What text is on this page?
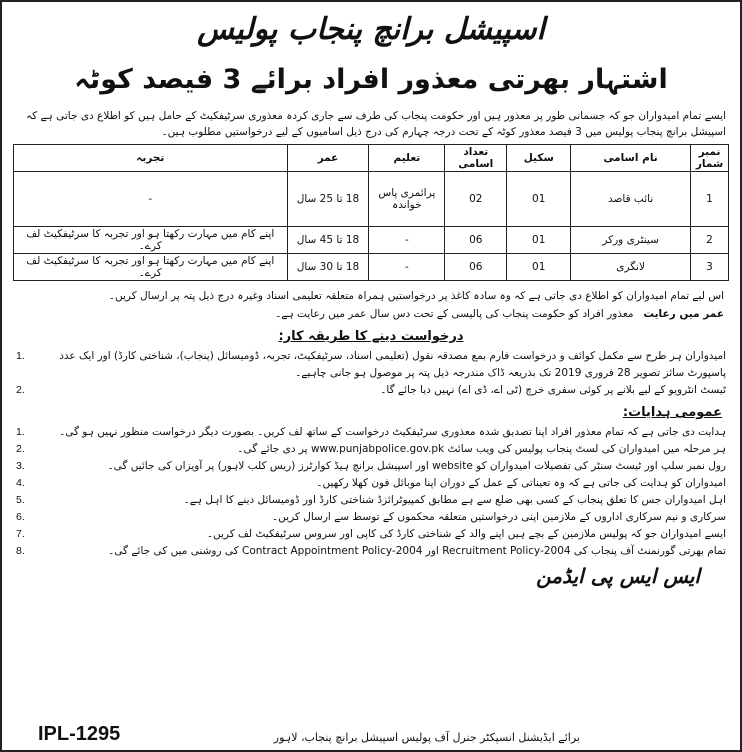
اسپیشل برانچ پنجاب پولیس
اشتہار بھرتی معذور افراد برائے 3 فیصد کوٹہ

ایسے تمام امیدواران جو کہ جسمانی طور پر معذور ہیں اور حکومت پنجاب کی طرف سے جاری کردہ معذوری سرٹیفکیٹ کے حامل ہیں کو اطلاع دی جاتی ہے کہ اسپیشل برانچ پنجاب پولیس میں 3 فیصد معذور کوٹہ کے تحت درجہ چہارم کی درج ذیل اسامیوں کے لیے درخواستیں مطلوب ہیں۔

نمبر شمار	نام اسامی	سکیل	تعداد اسامی	تعلیم	عمر	تجربہ
1	نائب قاصد	01	02	پرائمری پاس خواندہ	18 تا 25 سال	-
2	سینٹری ورکر	01	06	-	18 تا 45 سال	اپنے کام میں مہارت رکھتا ہو اور تجربہ کا سرٹیفکیٹ لف کرے۔
3	لانگری	01	06	-	18 تا 30 سال	اپنے کام میں مہارت رکھتا ہو اور تجربہ کا سرٹیفکیٹ لف کرے۔

اس لیے تمام امیدواران کو اطلاع دی جاتی ہے کہ وہ سادہ کاغذ پر درخواستیں ہمراہ متعلقہ تعلیمی اسناد وغیرہ درج ذیل پتہ پر ارسال کریں۔

عمر میں رعایت   معذور افراد کو حکومت پنجاب کی پالیسی کے تحت دس سال عمر میں رعایت ہے۔

درخواست دینے کا طریقہ کار:
امیدواران ہر طرح سے مکمل کوائف و درخواست فارم بمع مصدقہ نقول (تعلیمی اسناد، سرٹیفکیٹ، تجربہ، ڈومیسائل (پنجاب)، شناختی کارڈ) اور ایک عدد پاسپورٹ سائز تصویر 28 فروری 2019 تک بذریعہ ڈاک مندرجہ ذیل پتہ پر موصول ہو جانی چاہیے۔
1.
ٹیسٹ انٹرویو کے لیے بلانے پر کوئی سفری خرچ (ٹی اے، ڈی اے) نہیں دیا جائے گا۔
2.
عمومی ہدایات:
ہدایت دی جاتی ہے کہ تمام معذور افراد اپنا تصدیق شدہ معذوری سرٹیفکیٹ درخواست کے ساتھ لف کریں۔ بصورت دیگر درخواست منظور نہیں ہو گی۔
1.
ہر مرحلہ میں امیدواران کی لسٹ پنجاب پولیس کی ویب سائٹ www.punjabpolice.gov.pk پر دی جائے گی۔
2.
رول نمبر سلپ اور ٹیسٹ سنٹر کی تفصیلات امیدواران کو website اور اسپیشل برانچ ہیڈ کوارٹرز (ریس کلب لاہور) پر آویزاں کی جائیں گی۔
3.
امیدواران کو ہدایت کی جاتی ہے کہ وہ تعیناتی کے عمل کے دوران اپنا موبائل فون کھلا رکھیں۔
4.
اہل امیدواران جس کا تعلق پنجاب کے کسی بھی ضلع سے ہے مطابق کمپیوٹرائزڈ شناختی کارڈ اور ڈومیسائل دینے کا اہل ہے۔
5.
سرکاری و نیم سرکاری اداروں کے ملازمین اپنی درخواستیں متعلقہ محکموں کے توسط سے ارسال کریں۔
6.
ایسے امیدواران جو کہ پولیس ملازمین کے بچے ہیں اپنے والد کے شناختی کارڈ کی کاپی اور سروس سرٹیفکیٹ لف کریں۔
7.
تمام بھرتی گورنمنٹ آف پنجاب کی Recruitment Policy-2004 اور Contract Appointment Policy-2004 کی روشنی میں کی جائے گی۔
8.
ایس ایس پی ایڈمن
برائے ایڈیشنل انسپکٹر جنرل آف پولیس اسپیشل برانچ پنجاب، لاہور
IPL-1295
